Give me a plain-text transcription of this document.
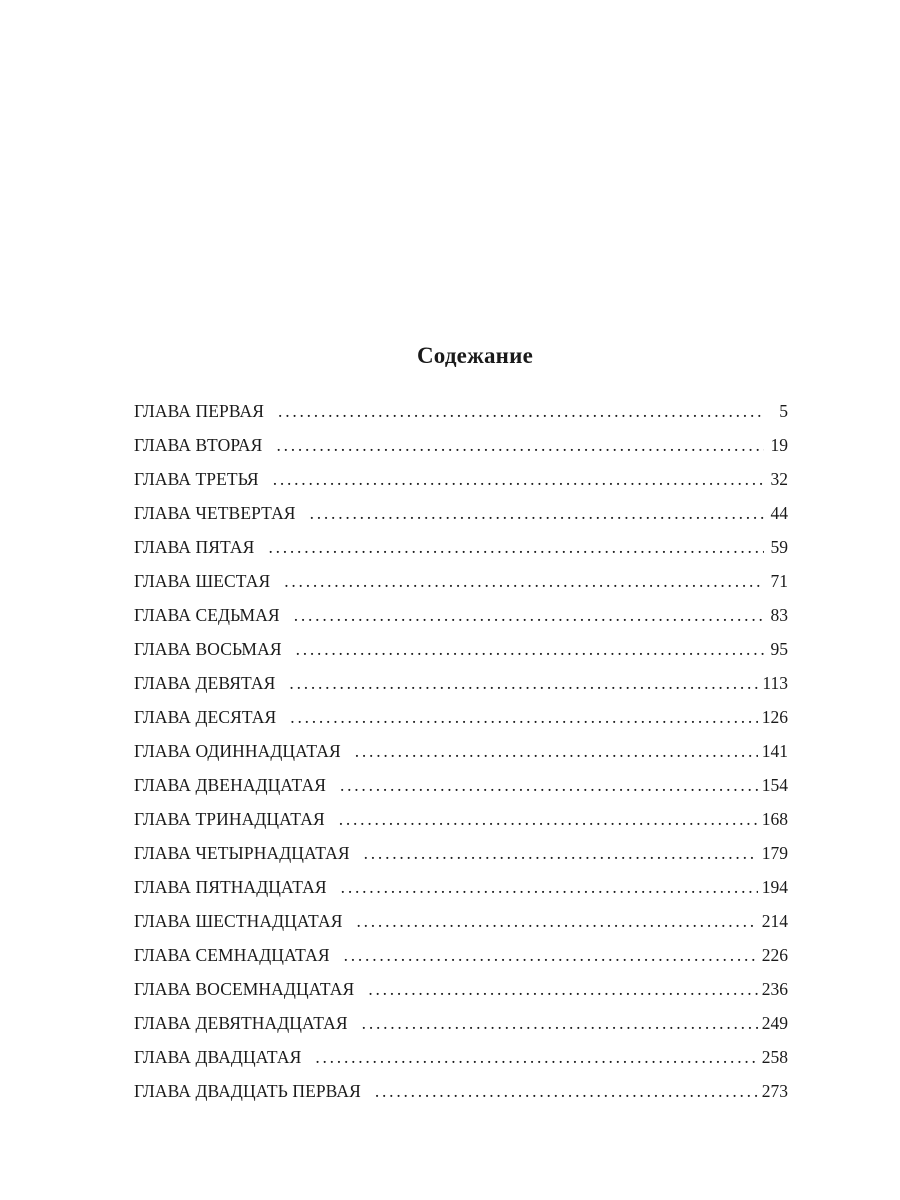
Содежание
ГЛАВА ПЕРВАЯ . . .	5
ГЛАВА ВТОРАЯ . . .	19
ГЛАВА ТРЕТЬЯ . . .	32
ГЛАВА ЧЕТВЕРТАЯ . . .	44
ГЛАВА ПЯТАЯ . . .	59
ГЛАВА ШЕСТАЯ . . .	71
ГЛАВА СЕДЬМАЯ . . .	83
ГЛАВА ВОСЬМАЯ . . .	95
ГЛАВА ДЕВЯТАЯ . . .	113
ГЛАВА ДЕСЯТАЯ . . .	126
ГЛАВА ОДИННАДЦАТАЯ . . .	141
ГЛАВА ДВЕНАДЦАТАЯ . . .	154
ГЛАВА ТРИНАДЦАТАЯ . . .	168
ГЛАВА ЧЕТЫРНАДЦАТАЯ . . .	179
ГЛАВА ПЯТНАДЦАТАЯ . . .	194
ГЛАВА ШЕСТНАДЦАТАЯ . . .	214
ГЛАВА СЕМНАДЦАТАЯ . . .	226
ГЛАВА ВОСЕМНАДЦАТАЯ . . .	236
ГЛАВА ДЕВЯТНАДЦАТАЯ . . .	249
ГЛАВА ДВАДЦАТАЯ . . .	258
ГЛАВА ДВАДЦАТЬ ПЕРВАЯ . . .	273
